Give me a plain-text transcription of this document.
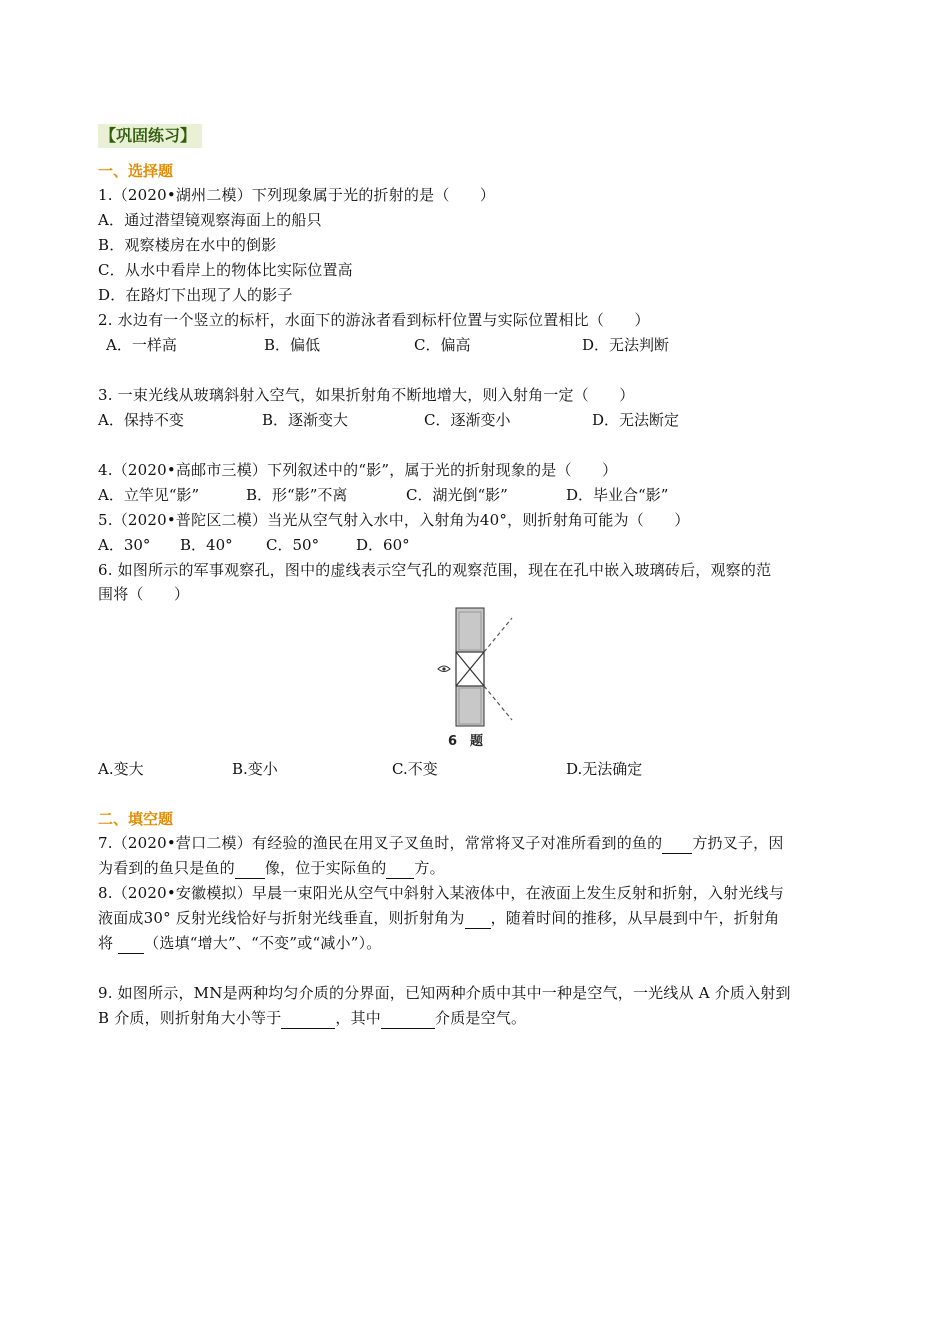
【巩固练习】
一、选择题
1.（2020•湖州二模）下列现象属于光的折射的是（　　）
A．通过潜望镜观察海面上的船只
B．观察楼房在水中的倒影
C．从水中看岸上的物体比实际位置高
D．在路灯下出现了人的影子
2. 水边有一个竖立的标杆，水面下的游泳者看到标杆位置与实际位置相比（　　）
A．一样高	B．偏低	C．偏高	D．无法判断
3. 一束光线从玻璃斜射入空气，如果折射角不断地增大，则入射角一定（　　）
A．保持不变	B．逐渐变大	C．逐渐变小	D．无法断定
4.（2020•高邮市三模）下列叙述中的“影”，属于光的折射现象的是（　　）
A．立竿见“影”	B．形“影”不离	C．湖光倒“影”	D．毕业合“影”
5.（2020•普陀区二模）当光从空气射入水中，入射角为40°，则折射角可能为（　　）
A．30° B．40° C．50° D．60°
6. 如图所示的军事观察孔，图中的虚线表示空气孔的观察范围，现在在孔中嵌入玻璃砖后，观察的范
围将（　　）
6　题
A.变大	B.变小	C.不变	D.无法确定
二、填空题
7.（2020•营口二模）有经验的渔民在用叉子叉鱼时，常常将叉子对准所看到的鱼的 方扔叉子，因
为看到的鱼只是鱼的 像，位于实际鱼的 方。
8.（2020•安徽模拟）早晨一束阳光从空气中斜射入某液体中，在液面上发生反射和折射，入射光线与
液面成30° 反射光线恰好与折射光线垂直，则折射角为 ，随着时间的推移，从早晨到中午，折射角
将 （选填“增大”、“不变”或“减小”）。
9. 如图所示，MN是两种均匀介质的分界面，已知两种介质中其中一种是空气，一光线从 A 介质入射到
B 介质，则折射角大小等于	，其中	介质是空气。
